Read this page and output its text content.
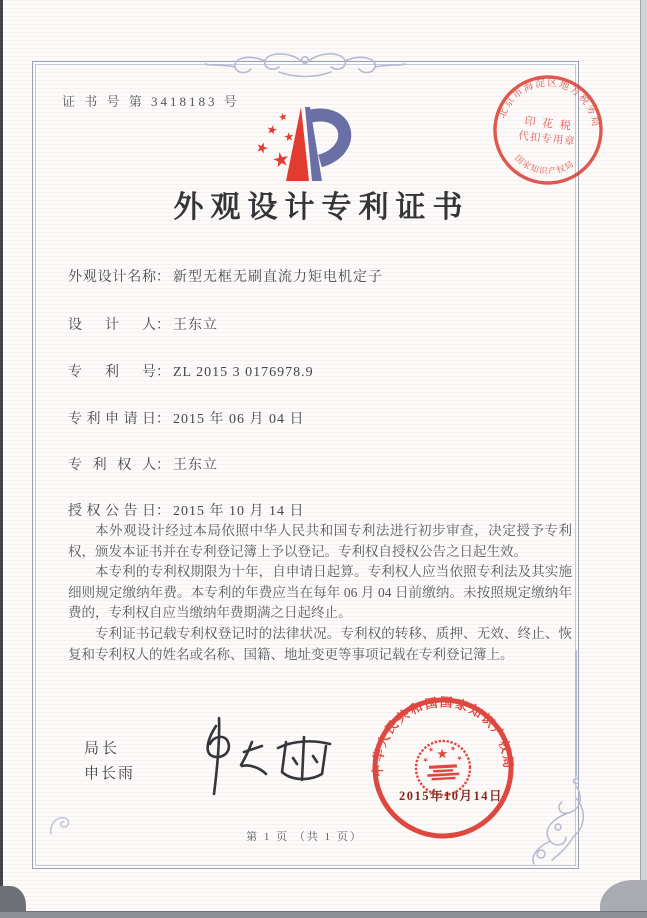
证 书 号 第 3418183 号
外观设计专利证书
外观设计名称： 新型无框无刷直流力矩电机定子
设计人： 王东立
专利号： ZL 2015 3 0176978.9
专利申请日： 2015 年 06 月 04 日
专利权人： 王东立
授权公告日： 2015 年 10 月 14 日

本外观设计经过本局依照中华人民共和国专利法进行初步审查，决定授予专利权，颁发本证书并在专利登记簿上予以登记。专利权自授权公告之日起生效。

本专利的专利权期限为十年，自申请日起算。专利权人应当依照专利法及其实施细则规定缴纳年费。本专利的年费应当在每年 06 月 04 日前缴纳。未按照规定缴纳年费的，专利权自应当缴纳年费期满之日起终止。

专利证书记载专利权登记时的法律状况。专利权的转移、质押、无效、终止、恢复和专利权人的姓名或名称、国籍、地址变更等事项记载在专利登记簿上。

局长
申长雨
2015年10月14日
中华人民共和国国家知识产权局
北京市海淀区地方税务局
国家知识产权局
印 花 税
代扣专用章
第 1 页 （共 1 页）
